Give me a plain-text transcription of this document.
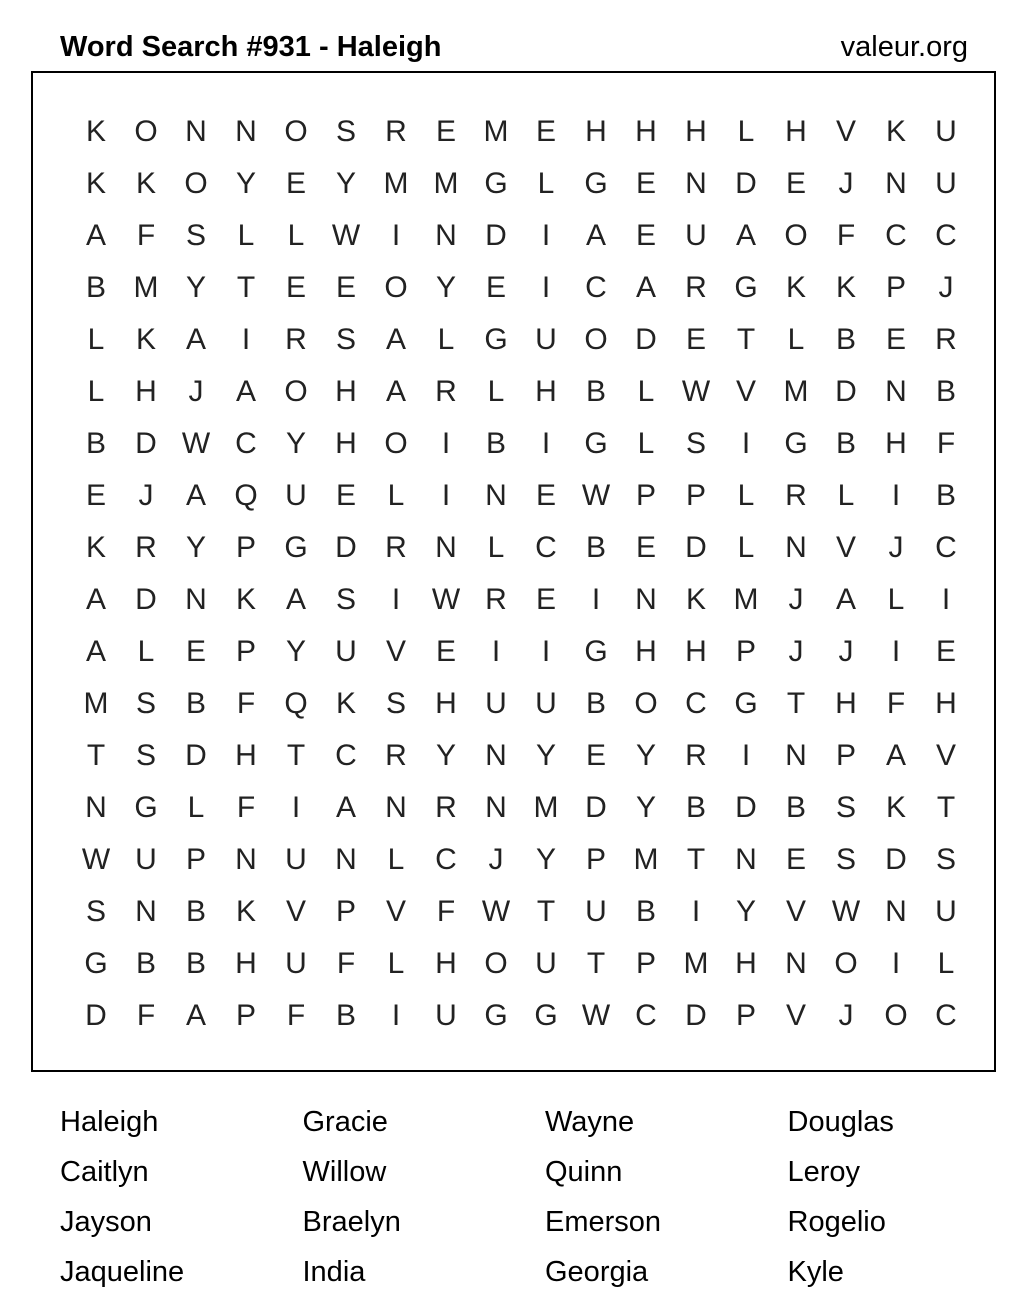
Word Search #931 - Haleigh	valeur.org
K O N N O S R E M E H H H	L	H V K U
K K O Y E Y M M G L G E N D E	J	N U
A	F	S	L	L W	I	N D	I	A E U A O F	C C
B M Y	T	E E O Y E	I	C A R G K K P	J
L	K A	I	R S A	L G U O D E	T	L	B E R
L	H	J	A O H A R	L	H B	L W V M D N B
B D W C Y H O	I	B	I	G L	S	I	G B H	F
E	J	A Q U E	L	I	N E W P P	L	R	L	I	B
K R Y P G D R N	L	C B E D	L	N V	J	C
A D N K A S	I	W R E	I	N K M	J	A	L	I
A	L	E P Y U V E	I	I	G H H P	J	J	I	E
M S B	F Q K S H U U B O C G T	H	F	H
T	S D H	T	C R Y N Y E Y R	I	N P A V
N G L	F	I	A N R N M D Y B D B S K	T
W U P N U N	L	C	J	Y P M T	N E S D S
S N B K V P V	F W T	U B	I	Y V W N U
G B B H U	F	L	H O U	T	P M H N O	I	L
D	F	A P	F	B	I	U G G W C D P V	J	O C
Haleigh
Caitlyn
Jayson
Jaqueline
Gracie
Willow
Braelyn
India
Wayne
Quinn
Emerson
Georgia
Douglas
Leroy
Rogelio
Kyle
